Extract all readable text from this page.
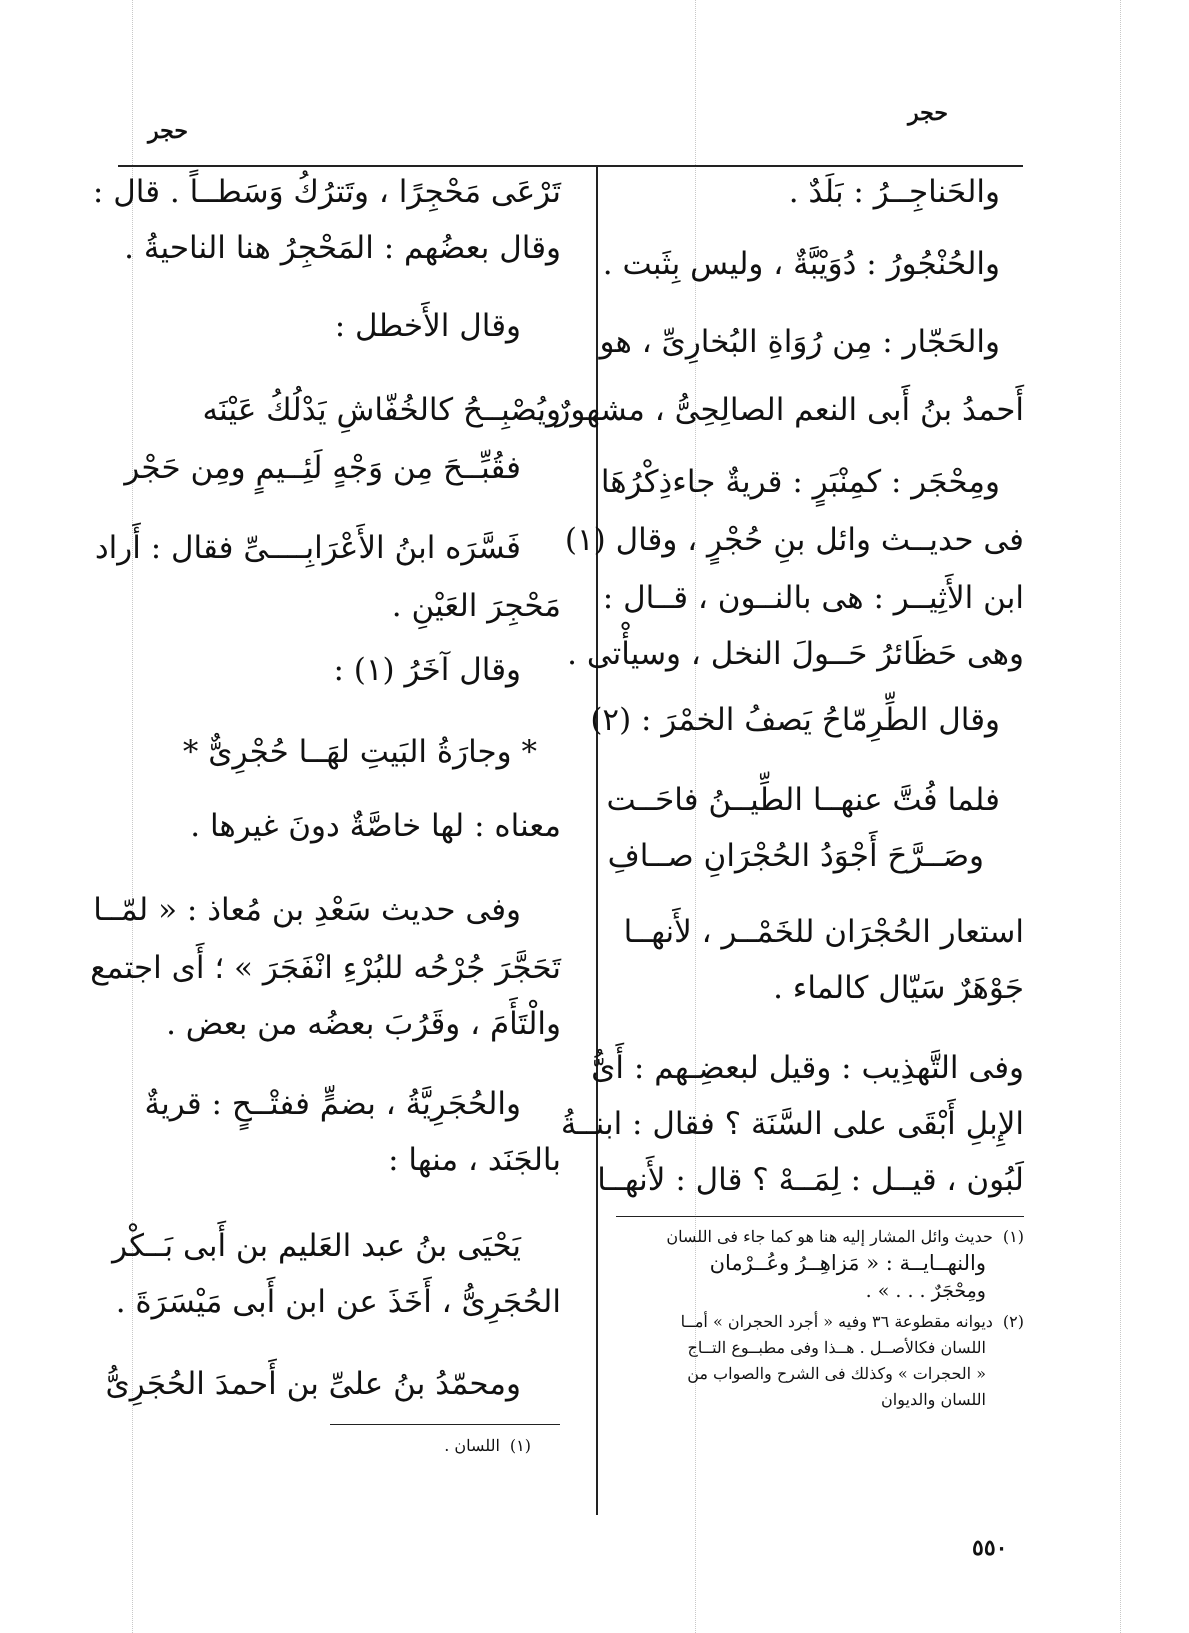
حجر
حجر
والحَناجِــرُ : بَلَدٌ .
والحُنْجُورُ : دُوَيْبَّةٌ ، وليس بِثَبت .
والحَجّار : مِن رُوَاةِ البُخارِىِّ ، هو
أَحمدُ بنُ أَبى النعم الصالِحِىُّ ، مشهورٌ .
ومِحْجَر : كمِنْبَرٍ : قريةٌ جاءذِكْرُهَا
فى حديــث وائل بنِ حُجْرٍ ، وقال (١)
ابن الأَثِيــر : هى بالنــون ، قــال :
وهى حَظَائرُ حَــولَ النخل ، وسيأْتى .
وقال الطِّرِمّاحُ يَصفُ الخمْرَ : (٢)
فلما فُتَّ عنهــا الطِّيــنُ فاحَــت
وصَــرَّحَ أَجْوَدُ الحُجْرَانِ صــافِ
استعار الحُجْرَان للخَمْــر ، لأَنهــا
جَوْهَرٌ سَيّال كالماء .
وفى التَّهذِيب : وقيل لبعضِـهم : أَىُّ
الإِبلِ أَبْقَى على السَّنَة ؟ فقال : ابنــةُ
لَبُون ، قيــل : لِمَــهْ ؟ قال : لأَنهــا
(١)حديث وائل المشار إليه هنا هو كما جاء فى اللسان
والنهــايــة : « مَزاهِــرُ وعُــرْمان
ومِحْجَرٌ . . . » .
(٢)ديوانه مقطوعة ٣٦ وفيه « أجرد الحجران » أمــا
اللسان فكالأصــل . هــذا وفى مطبــوع التــاج
« الحجرات » وكذلك فى الشرح والصواب من
اللسان والديوان
تَرْعَى مَحْجِرًا ، وتَترُكُ وَسَطــاً . قال :
وقال بعضُهم : المَحْجِرُ هنا الناحيةُ .
وقال الأَخطل :
ويُصْبِــحُ كالخُفّاشِ يَدْلُكُ عَيْنَه
فقُبِّــحَ مِن وَجْهٍ لَئِــيمٍ ومِن حَجْر
فَسَّرَه ابنُ الأَعْرَابِــــىِّ فقال : أَراد
مَحْجِرَ العَيْنِ .
وقال آخَرُ (١) :
* وجارَةُ البَيتِ لهَــا حُجْرِىٌّ *
معناه : لها خاصَّةٌ دونَ غيرها .
وفى حديث سَعْدِ بن مُعاذ : « لمّــا
تَحَجَّرَ جُرْحُه للبُرْءِ انْفَجَرَ » ؛ أَى اجتمع
والْتَأَمَ ، وقَرُبَ بعضُه من بعض .
والحُجَرِيَّةُ ، بضمٍّ ففتْــحٍ : قريةٌ
بالجَنَد ، منها :
يَحْيَى بنُ عبد العَليم بن أَبى بَــكْر
الحُجَرِىُّ ، أَخَذَ عن ابن أَبى مَيْسَرَةَ .
ومحمّدُ بنُ علىِّ بن أَحمدَ الحُجَرِىُّ
(١)اللسان .
٥٥٠
